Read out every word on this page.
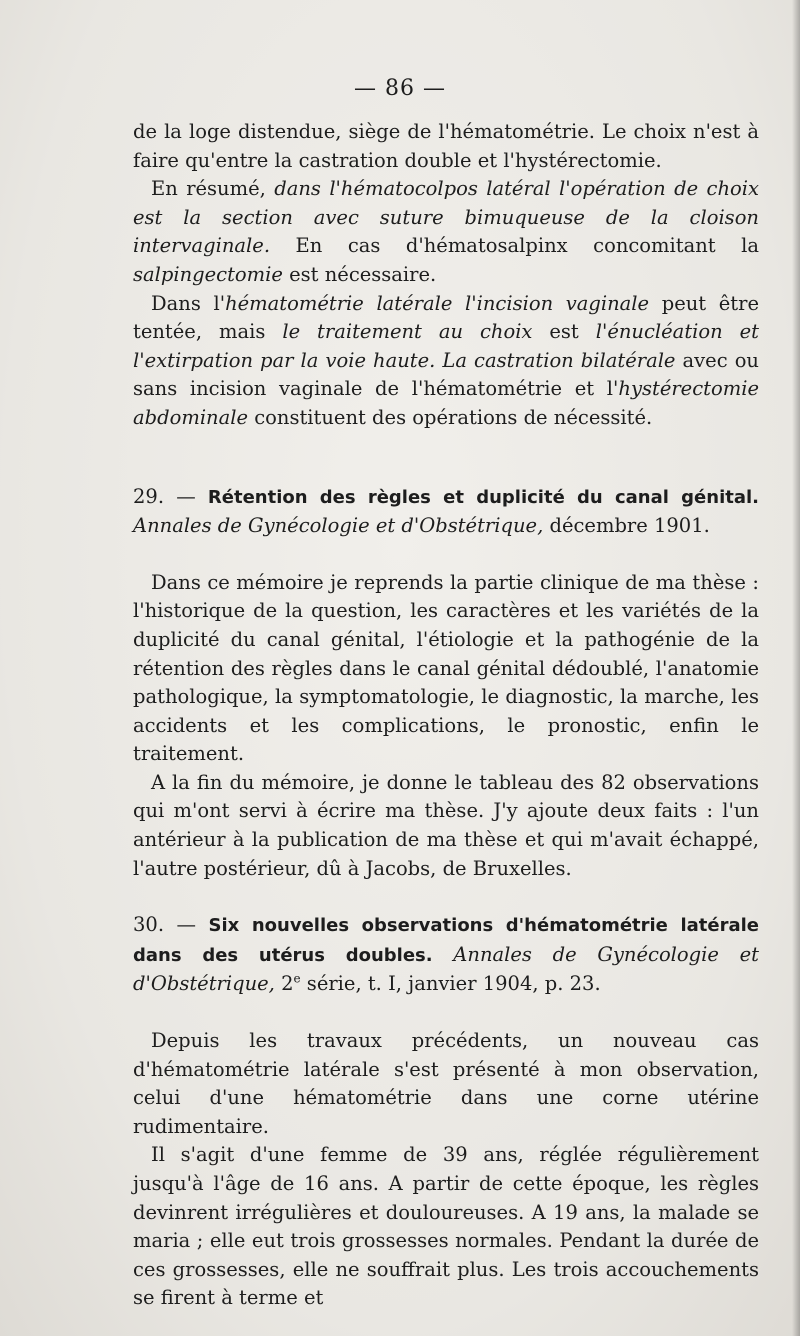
— 86 —

de la loge distendue, siège de l'hématométrie. Le choix n'est à faire qu'entre la castration double et l'hystérectomie.

En résumé, dans l'hématocolpos latéral l'opération de choix est la section avec suture bimuqueuse de la cloison intervaginale. En cas d'hématosalpinx concomitant la salpingectomie est nécessaire.

Dans l'hématométrie latérale l'incision vaginale peut être tentée, mais le traitement au choix est l'énucléation et l'extirpation par la voie haute. La castration bilatérale avec ou sans incision vaginale de l'hématométrie et l'hystérectomie abdominale constituent des opérations de nécessité.

29. — Rétention des règles et duplicité du canal génital. Annales de Gynécologie et d'Obstétrique, décembre 1901.

Dans ce mémoire je reprends la partie clinique de ma thèse : l'historique de la question, les caractères et les variétés de la duplicité du canal génital, l'étiologie et la pathogénie de la rétention des règles dans le canal génital dédoublé, l'anatomie pathologique, la symptomatologie, le diagnostic, la marche, les accidents et les complications, le pronostic, enfin le traitement.

A la fin du mémoire, je donne le tableau des 82 observations qui m'ont servi à écrire ma thèse. J'y ajoute deux faits : l'un antérieur à la publication de ma thèse et qui m'avait échappé, l'autre postérieur, dû à Jacobs, de Bruxelles.

30. — Six nouvelles observations d'hématométrie latérale dans des utérus doubles. Annales de Gynécologie et d'Obstétrique, 2e série, t. I, janvier 1904, p. 23.

Depuis les travaux précédents, un nouveau cas d'hématométrie latérale s'est présenté à mon observation, celui d'une hématométrie dans une corne utérine rudimentaire.

Il s'agit d'une femme de 39 ans, réglée régulièrement jusqu'à l'âge de 16 ans. A partir de cette époque, les règles devinrent irrégulières et douloureuses. A 19 ans, la malade se maria ; elle eut trois grossesses normales. Pendant la durée de ces grossesses, elle ne souffrait plus. Les trois accouchements se firent à terme et
